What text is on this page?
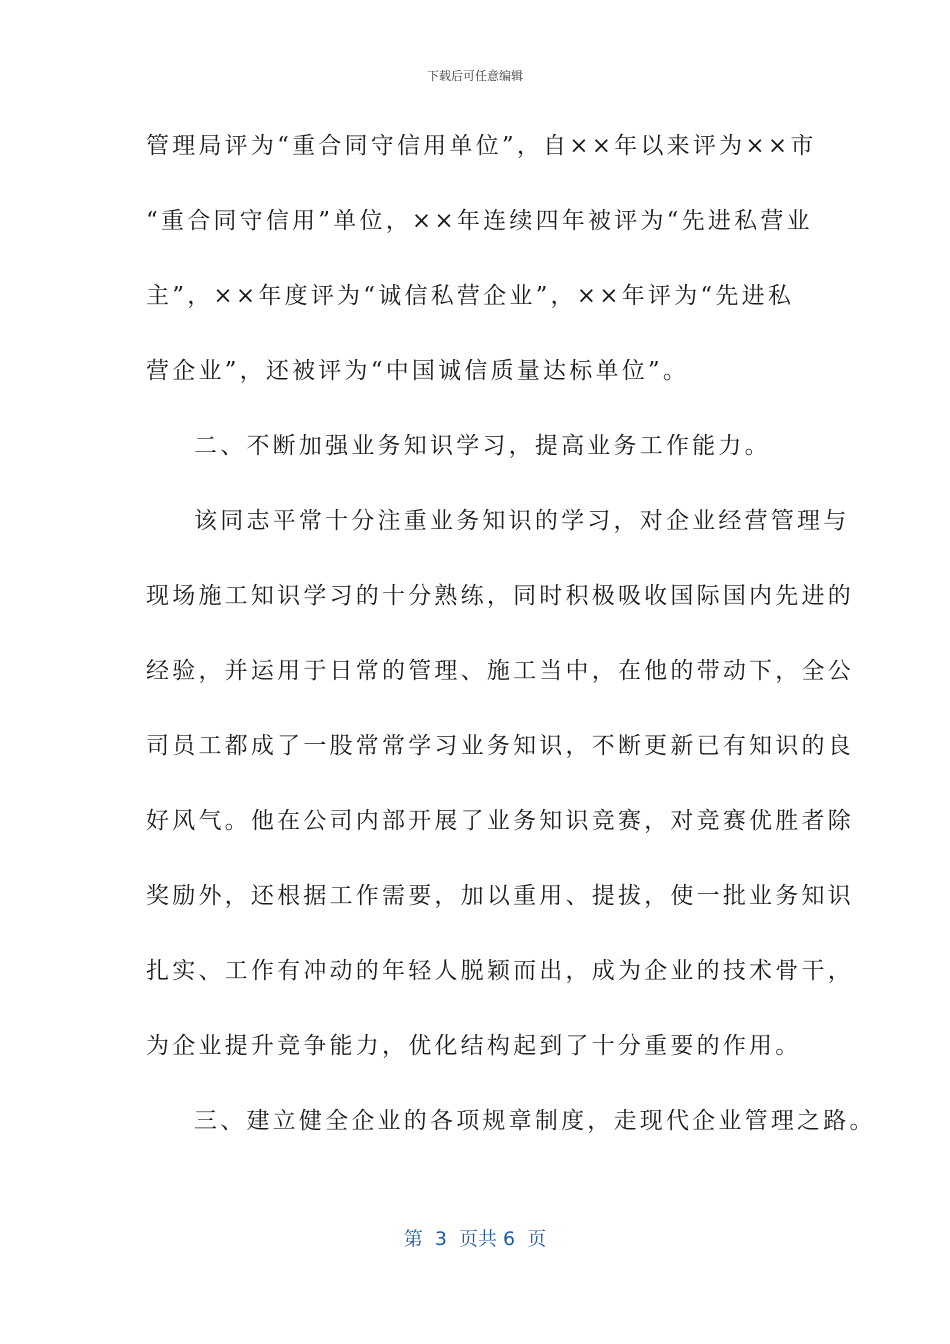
下载后可任意编辑
管理局评为“重合同守信用单位”，自××年以来评为××市
“重合同守信用”单位，××年连续四年被评为“先进私营业
主”，××年度评为“诚信私营企业”，××年评为“先进私
营企业”，还被评为“中国诚信质量达标单位”。
二、不断加强业务知识学习，提高业务工作能力。
该同志平常十分注重业务知识的学习，对企业经营管理与
现场施工知识学习的十分熟练，同时积极吸收国际国内先进的
经验，并运用于日常的管理、施工当中，在他的带动下，全公
司员工都成了一股常常学习业务知识，不断更新已有知识的良
好风气。他在公司内部开展了业务知识竞赛，对竞赛优胜者除
奖励外，还根据工作需要，加以重用、提拔，使一批业务知识
扎实、工作有冲动的年轻人脱颖而出，成为企业的技术骨干，
为企业提升竞争能力，优化结构起到了十分重要的作用。
三、建立健全企业的各项规章制度，走现代企业管理之路。
第  3  页共 6  页
